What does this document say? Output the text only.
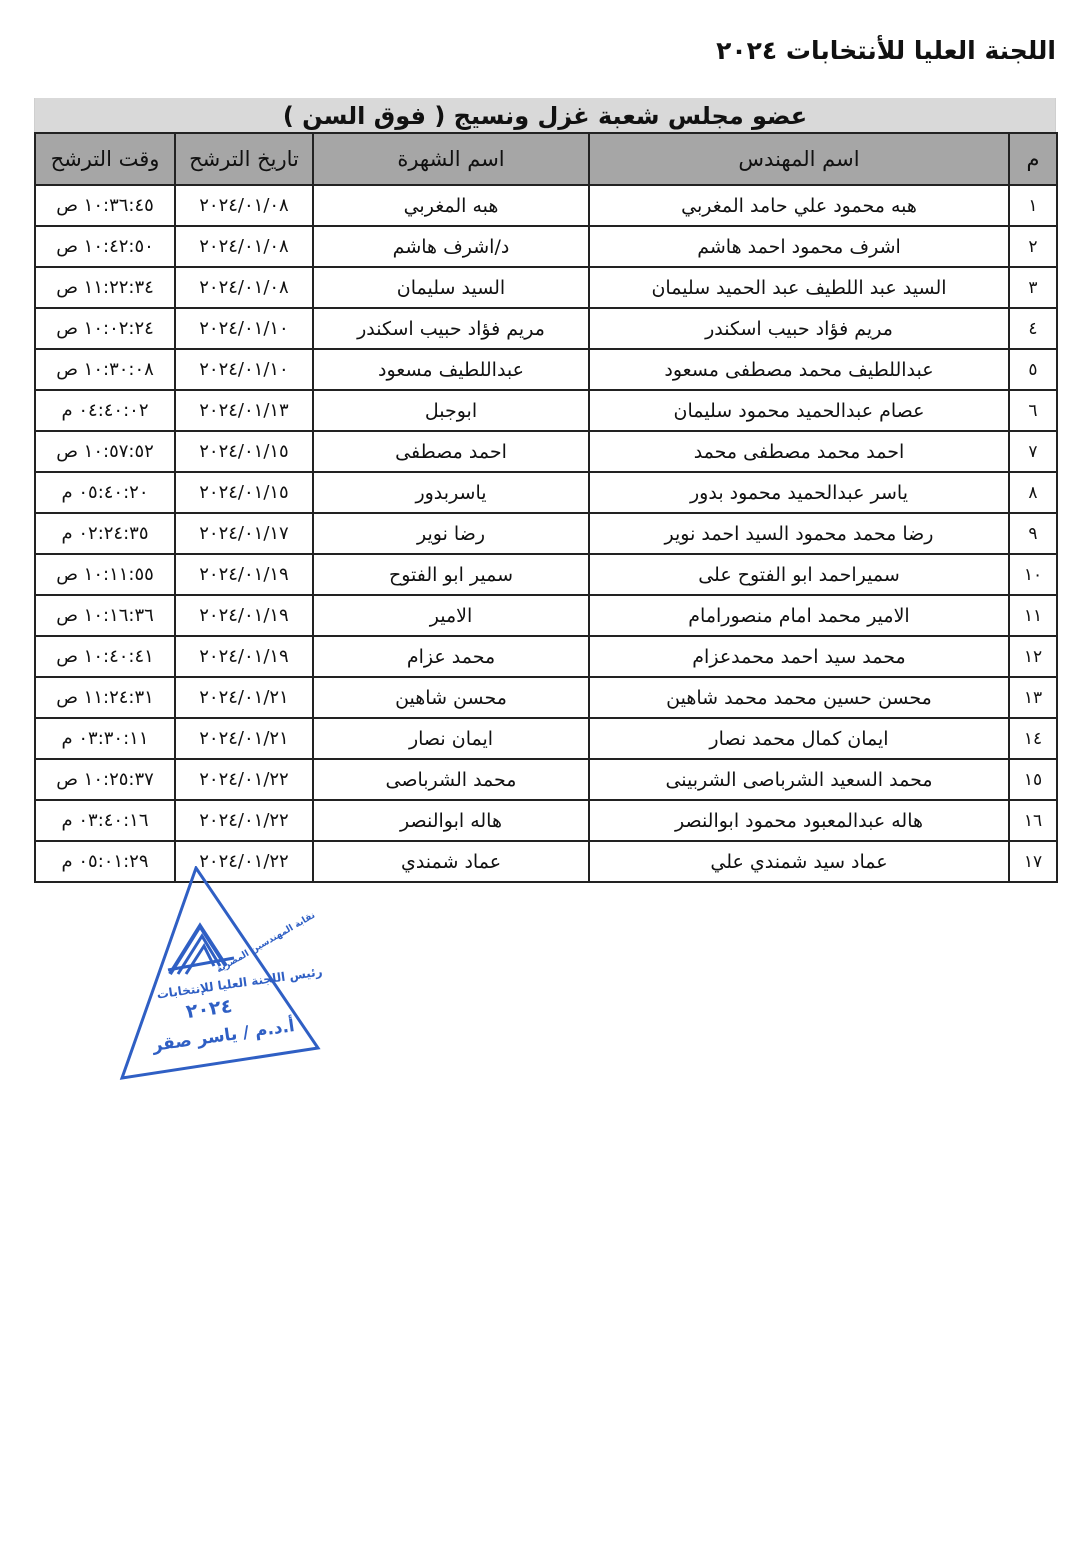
اللجنة العليا للأنتخابات ٢٠٢٤
عضو مجلس شعبة غزل ونسيج ( فوق السن )
م	اسم المهندس	اسم الشهرة	تاريخ الترشح	وقت الترشح
١	هبه محمود علي حامد المغربي	هبه المغربي	٢٠٢٤/٠١/٠٨	١٠:٣٦:٤٥ ص
٢	اشرف محمود احمد هاشم	د/اشرف هاشم	٢٠٢٤/٠١/٠٨	١٠:٤٢:٥٠ ص
٣	السيد عبد اللطيف عبد الحميد سليمان	السيد سليمان	٢٠٢٤/٠١/٠٨	١١:٢٢:٣٤ ص
٤	مريم فؤاد حبيب اسكندر	مريم فؤاد حبيب اسكندر	٢٠٢٤/٠١/١٠	١٠:٠٢:٢٤ ص
٥	عبداللطيف محمد مصطفى مسعود	عبداللطيف مسعود	٢٠٢٤/٠١/١٠	١٠:٣٠:٠٨ ص
٦	عصام عبدالحميد محمود سليمان	ابوجبل	٢٠٢٤/٠١/١٣	٠٤:٤٠:٠٢ م
٧	احمد محمد مصطفى محمد	احمد مصطفى	٢٠٢٤/٠١/١٥	١٠:٥٧:٥٢ ص
٨	ياسر عبدالحميد محمود بدور	ياسربدور	٢٠٢٤/٠١/١٥	٠٥:٤٠:٢٠ م
٩	رضا محمد محمود السيد احمد نوير	رضا نوير	٢٠٢٤/٠١/١٧	٠٢:٢٤:٣٥ م
١٠	سميراحمد ابو الفتوح على	سمير ابو الفتوح	٢٠٢٤/٠١/١٩	١٠:١١:٥٥ ص
١١	الامير محمد امام منصورامام	الامير	٢٠٢٤/٠١/١٩	١٠:١٦:٣٦ ص
١٢	محمد سيد احمد محمدعزام	محمد عزام	٢٠٢٤/٠١/١٩	١٠:٤٠:٤١ ص
١٣	محسن حسين محمد محمد شاهين	محسن شاهين	٢٠٢٤/٠١/٢١	١١:٢٤:٣١ ص
١٤	ايمان كمال محمد نصار	ايمان نصار	٢٠٢٤/٠١/٢١	٠٣:٣٠:١١ م
١٥	محمد السعيد الشرباصى الشربينى	محمد الشرباصى	٢٠٢٤/٠١/٢٢	١٠:٢٥:٣٧ ص
١٦	هاله عبدالمعبود محمود ابوالنصر	هاله ابوالنصر	٢٠٢٤/٠١/٢٢	٠٣:٤٠:١٦ م
١٧	عماد سيد شمندي علي	عماد شمندي	٢٠٢٤/٠١/٢٢	٠٥:٠١:٢٩ م
نقابة المهندسين المصرية
رئيس اللجنة العليا للإنتخابات
٢٠٢٤
أ.د.م / ياسر صقر
